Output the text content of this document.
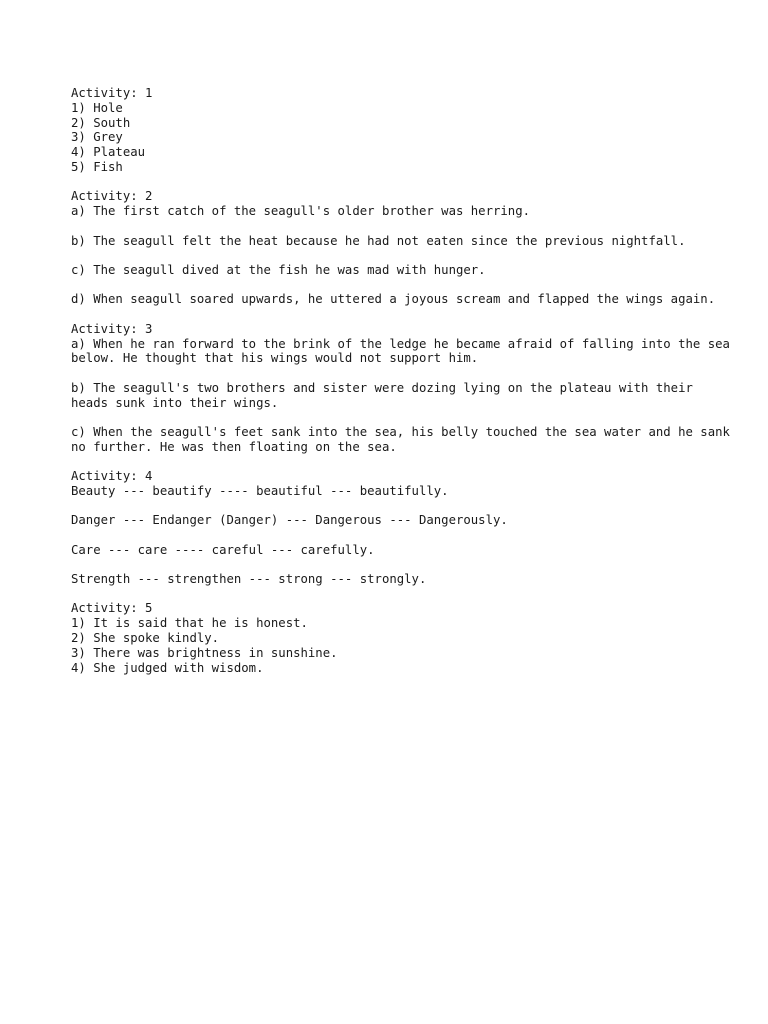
Activity: 1
1) Hole
2) South
3) Grey
4) Plateau
5) Fish
Activity: 2
a) The first catch of the seagull's older brother was herring.
b) The seagull felt the heat because he had not eaten since the previous nightfall.
c) The seagull dived at the fish he was mad with hunger.
d) When seagull soared upwards, he uttered a joyous scream and flapped the wings again.
Activity: 3
a) When he ran forward to the brink of the ledge he became afraid of falling into the sea below. He thought that his wings would not support him.
b) The seagull's two brothers and sister were dozing lying on the plateau with their heads sunk into their wings.
c) When the seagull's feet sank into the sea, his belly touched the sea water and he sank no further. He was then floating on the sea.
Activity: 4
Beauty --- beautify ---- beautiful --- beautifully.
Danger --- Endanger (Danger) --- Dangerous --- Dangerously.
Care --- care ---- careful --- carefully.
Strength --- strengthen --- strong --- strongly.
Activity: 5
1) It is said that he is honest.
2) She spoke kindly.
3) There was brightness in sunshine.
4) She judged with wisdom.
